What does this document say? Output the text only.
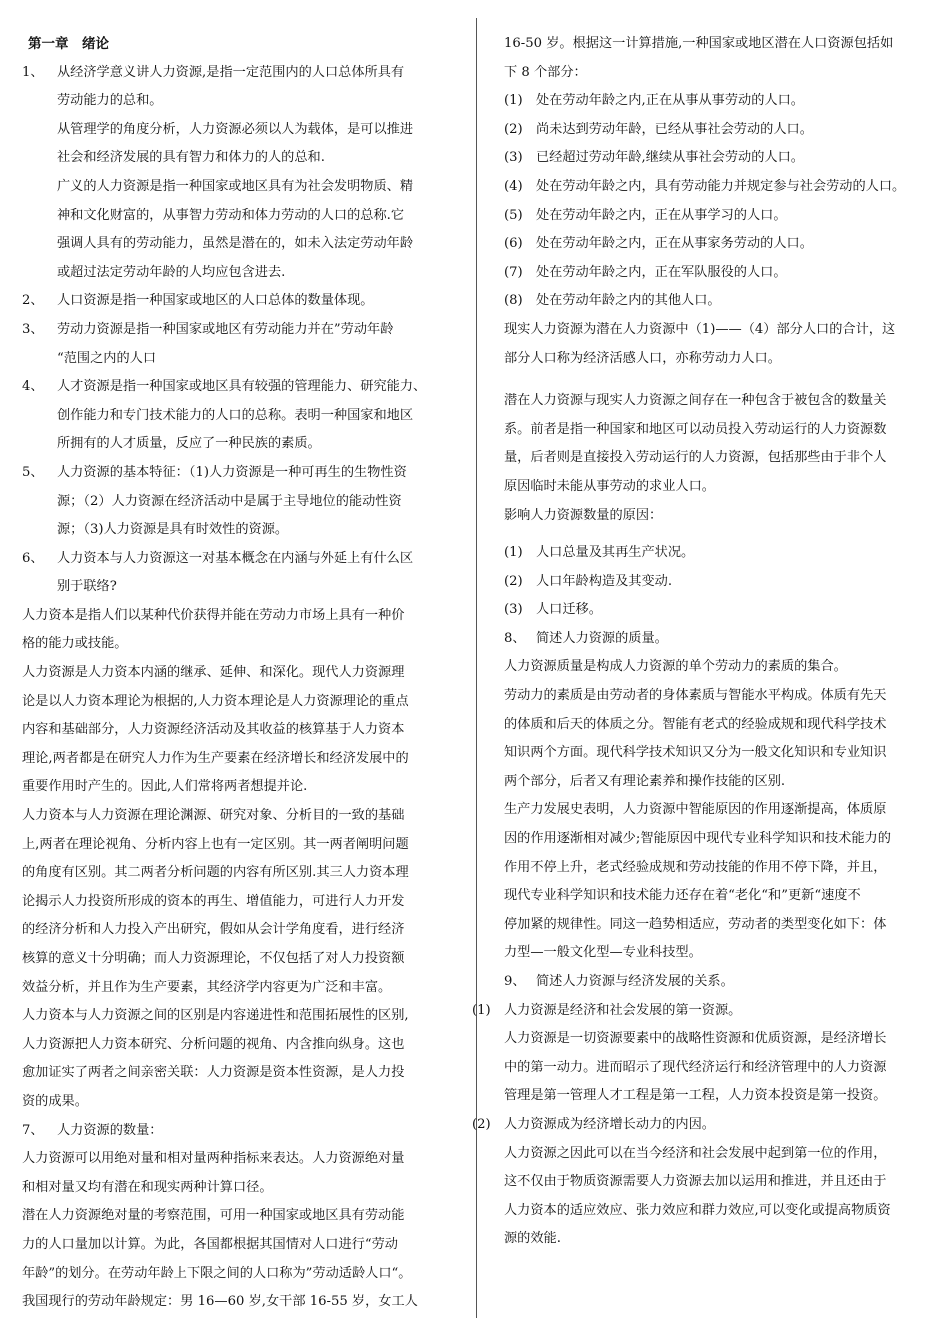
第一章　绪论

1、 从经济学意义讲人力资源,是指一定范围内的人口总体所具有

劳动能力的总和。

从管理学的角度分析，人力资源必须以人为载体，是可以推进

社会和经济发展的具有智力和体力的人的总和.

广义的人力资源是指一种国家或地区具有为社会发明物质、精

神和文化财富的，从事智力劳动和体力劳动的人口的总称.它

强调人具有的劳动能力，虽然是潜在的，如未入法定劳动年龄

或超过法定劳动年龄的人均应包含进去.

2、 人口资源是指一种国家或地区的人口总体的数量体现。

3、 劳动力资源是指一种国家或地区有劳动能力并在”劳动年龄

“范围之内的人口

4、 人才资源是指一种国家或地区具有较强的管理能力、研究能力、

创作能力和专门技术能力的人口的总称。表明一种国家和地区

所拥有的人才质量，反应了一种民族的素质。

5、 人力资源的基本特征：（1)人力资源是一种可再生的生物性资

源；（2）人力资源在经济活动中是属于主导地位的能动性资

源；（3)人力资源是具有时效性的资源。

6、 人力资本与人力资源这一对基本概念在内涵与外延上有什么区

别于联络?

人力资本是指人们以某种代价获得并能在劳动力市场上具有一种价

格的能力或技能。

人力资源是人力资本内涵的继承、延伸、和深化。现代人力资源理

论是以人力资本理论为根据的,人力资本理论是人力资源理论的重点

内容和基础部分，人力资源经济活动及其收益的核算基于人力资本

理论,两者都是在研究人力作为生产要素在经济增长和经济发展中的

重要作用时产生的。因此,人们常将两者想提并论.

人力资本与人力资源在理论渊源、研究对象、分析目的一致的基础

上,两者在理论视角、分析内容上也有一定区别。其一两者阐明问题

的角度有区别。其二两者分析问题的内容有所区别.其三人力资本理

论揭示人力投资所形成的资本的再生、增值能力，可进行人力开发

的经济分析和人力投入产出研究，假如从会计学角度看，进行经济

核算的意义十分明确；而人力资源理论，不仅包括了对人力投资额

效益分析，并且作为生产要素，其经济学内容更为广泛和丰富。

人力资本与人力资源之间的区别是内容递进性和范围拓展性的区别,

人力资源把人力资本研究、分析问题的视角、内含推向纵身。这也

愈加证实了两者之间亲密关联：人力资源是资本性资源，是人力投

资的成果。

7、 人力资源的数量：

人力资源可以用绝对量和相对量两种指标来表达。人力资源绝对量

和相对量又均有潜在和现实两种计算口径。

潜在人力资源绝对量的考察范围，可用一种国家或地区具有劳动能

力的人口量加以计算。为此，各国都根据其国情对人口进行“劳动

年龄”的划分。在劳动年龄上下限之间的人口称为”劳动适龄人口“。

我国现行的劳动年龄规定：男 16—60 岁,女干部 16-55 岁，女工人

16-50 岁。根据这一计算措施,一种国家或地区潜在人口资源包括如

下 8 个部分：

(1) 处在劳动年龄之内,正在从事从事劳动的人口。

(2) 尚未达到劳动年龄，已经从事社会劳动的人口。

(3) 已经超过劳动年龄,继续从事社会劳动的人口。

(4) 处在劳动年龄之内，具有劳动能力并规定参与社会劳动的人口。

(5) 处在劳动年龄之内，正在从事学习的人口。

(6) 处在劳动年龄之内，正在从事家务劳动的人口。

(7) 处在劳动年龄之内，正在军队服役的人口。

(8) 处在劳动年龄之内的其他人口。

现实人力资源为潜在人力资源中（1)——（4）部分人口的合计，这

部分人口称为经济活感人口，亦称劳动力人口。

潜在人力资源与现实人力资源之间存在一种包含于被包含的数量关

系。前者是指一种国家和地区可以动员投入劳动运行的人力资源数

量，后者则是直接投入劳动运行的人力资源，包括那些由于非个人

原因临时未能从事劳动的求业人口。

影响人力资源数量的原因：

(1) 人口总量及其再生产状况。

(2) 人口年龄构造及其变动.

(3) 人口迁移。

8、 简述人力资源的质量。

人力资源质量是构成人力资源的单个劳动力的素质的集合。

劳动力的素质是由劳动者的身体素质与智能水平构成。体质有先天

的体质和后天的体质之分。智能有老式的经验成规和现代科学技术

知识两个方面。现代科学技术知识又分为一般文化知识和专业知识

两个部分，后者又有理论素养和操作技能的区别.

生产力发展史表明，人力资源中智能原因的作用逐渐提高，体质原

因的作用逐渐相对减少;智能原因中现代专业科学知识和技术能力的

作用不停上升，老式经验成规和劳动技能的作用不停下降，并且，

现代专业科学知识和技术能力还存在着“老化“和”更新“速度不

停加紧的规律性。同这一趋势相适应，劳动者的类型变化如下：体

力型—一般文化型—专业科技型。

9、 简述人力资源与经济发展的关系。

(1) 人力资源是经济和社会发展的第一资源。

人力资源是一切资源要素中的战略性资源和优质资源，是经济增长

中的第一动力。进而昭示了现代经济运行和经济管理中的人力资源

管理是第一管理人才工程是第一工程，人力资本投资是第一投资。

(2) 人力资源成为经济增长动力的内因。

人力资源之因此可以在当今经济和社会发展中起到第一位的作用，

这不仅由于物质资源需要人力资源去加以运用和推进，并且还由于

人力资本的适应效应、张力效应和群力效应,可以变化或提高物质资

源的效能.
